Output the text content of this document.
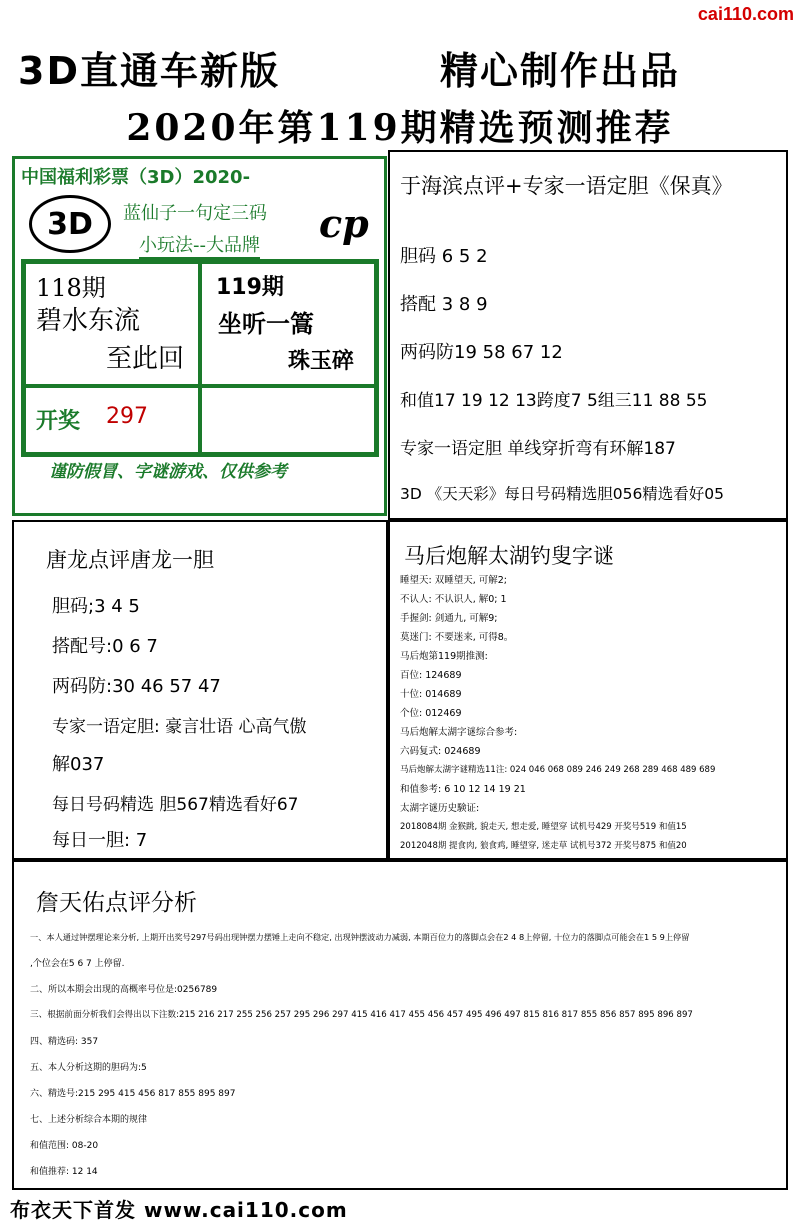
cai110.com
3D直通车新版	精心制作出品
2020年第119期精选预测推荐
中国福利彩票（3D）2020-
3D	蓝仙子一句定三码
小玩法--大品牌 cp
118期
碧水东流
至此回
119期
坐听一篙
珠玉碎
开奖 297
谨防假冒、字谜游戏、仅供参考
于海滨点评+专家一语定胆《保真》
胆码 6 5 2
搭配 3 8 9
两码防19 58 67 12
和值17 19 12 13跨度7 5组三11 88 55
专家一语定胆 单线穿折弯有环解187
3D 《天天彩》每日号码精选胆056精选看好05
唐龙点评唐龙一胆
胆码;3 4 5
搭配号:0 6 7
两码防:30 46 57 47
专家一语定胆: 豪言壮语 心高气傲
解037
每日号码精选 胆567精选看好67
每日一胆: 7
马后炮解太湖钓叟字谜
睡望天: 双睡望天, 可解2;
不认人: 不认识人, 解0; 1
手握剑: 剑通九, 可解9;
莫迷门: 不要迷来, 可得8。
马后炮第119期推测:
百位: 124689
十位: 014689
个位: 012469
马后炮解太湖字谜综合参考:
六码复式: 024689
马后炮解太湖字谜精选11注: 024 046 068 089 246 249 268 289 468 489 689
和值参考: 6 10 12 14 19 21
太湖字谜历史験证:
2018084期 金猴跳, 貌走天, 想走爱, 睡望穿 试机号429 开奖号519 和值15
2012048期 提食肉, 狼食鸡, 睡望穿, 迷走草 试机号372 开奖号875 和值20
詹天佑点评分析
一、本人通过钟摆理论来分析, 上期开出奖号297号码出现钟摆力摆锤上走向不稳定, 出现钟摆波动力减弱, 本期百位力的落脚点会在2 4 8上停留, 十位力的落脚点可能会在1 5 9上停留
,个位会在5 6 7 上停留.
二、所以本期会出现的高概率号位是:0256789
三、根据前面分析我们会得出以下注数:215 216 217 255 256 257 295 296 297 415 416 417 455 456 457 495 496 497 815 816 817 855 856 857 895 896 897
四、精选码: 357
五、本人分析这期的胆码为:5
六、精选号:215 295 415 456 817 855 895 897
七、上述分析综合本期的规律
和值范围: 08-20
和值推荐: 12 14
布衣天下首发 www.cai110.com
